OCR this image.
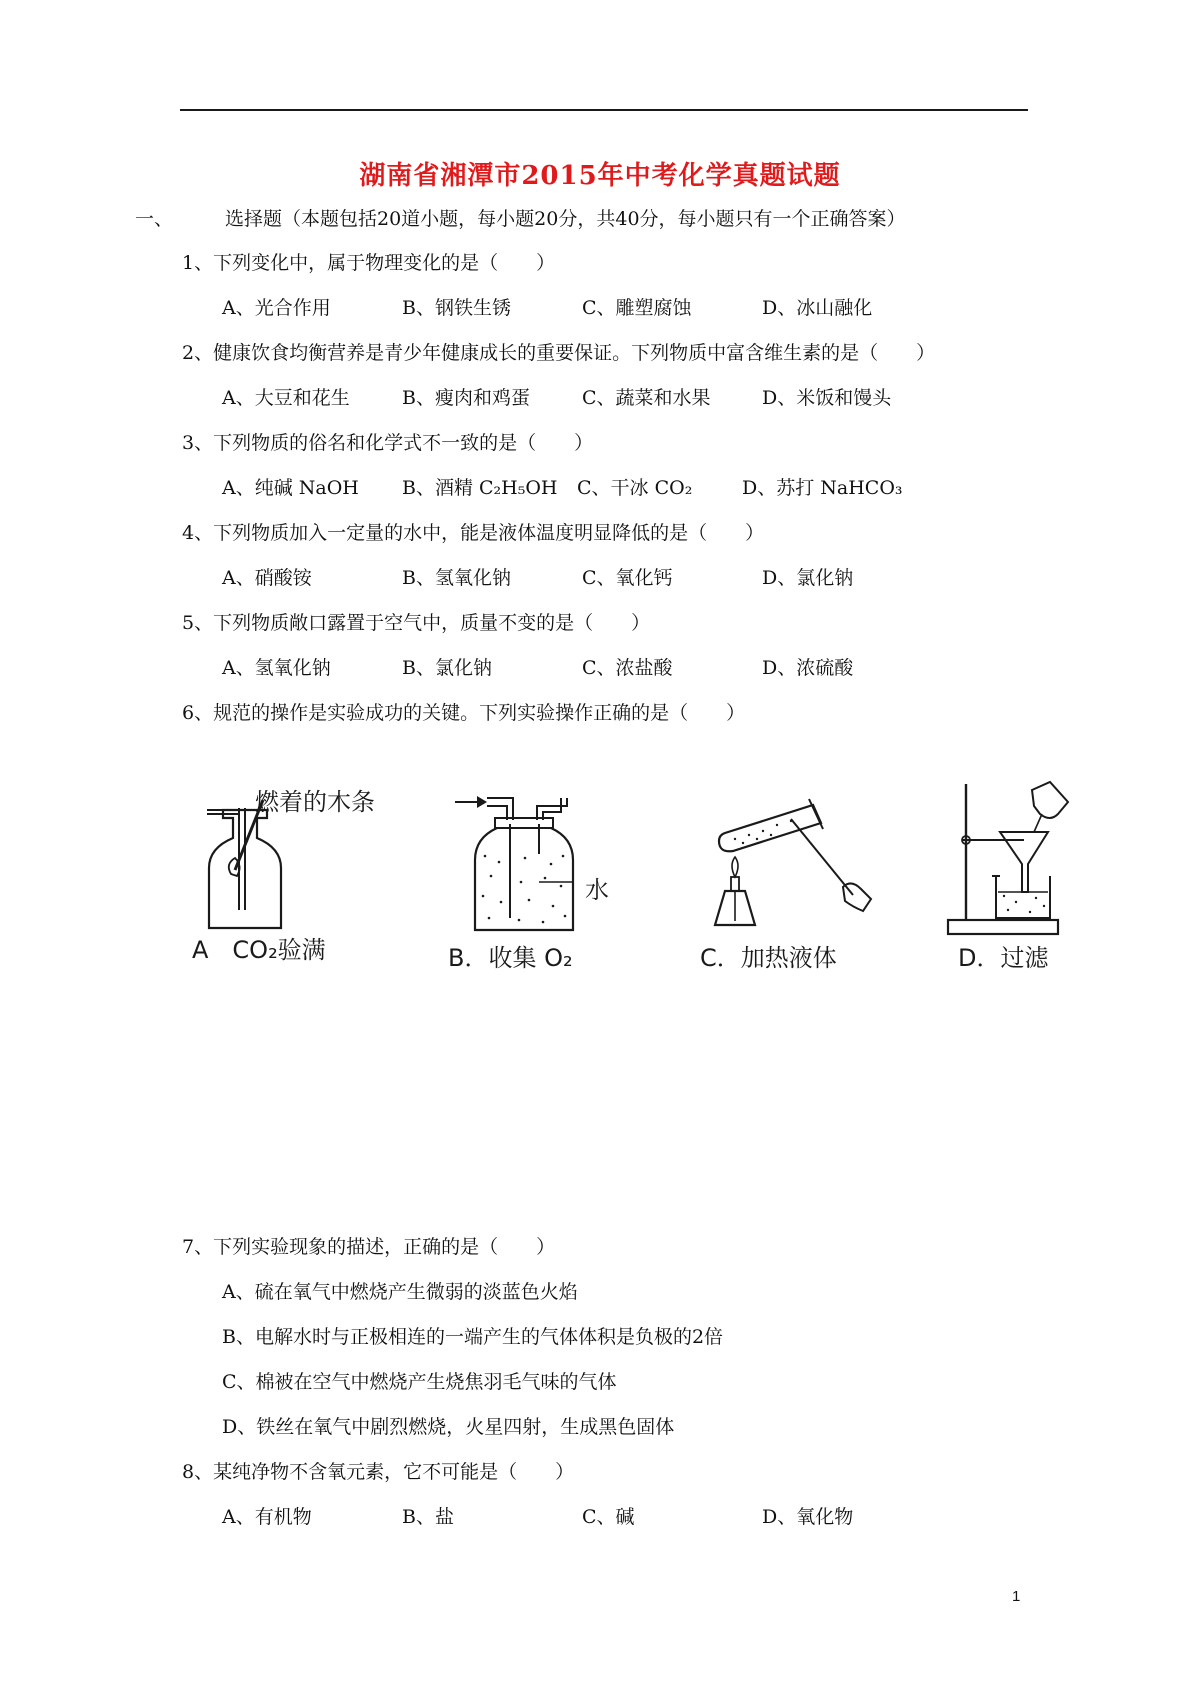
湖南省湘潭市2015年中考化学真题试题
一、	选择题（本题包括20道小题，每小题20分，共40分，每小题只有一个正确答案）
1、下列变化中，属于物理变化的是（　　）
A、光合作用	B、钢铁生锈	C、雕塑腐蚀	D、冰山融化
2、健康饮食均衡营养是青少年健康成长的重要保证。下列物质中富含维生素的是（　　）
A、大豆和花生	B、瘦肉和鸡蛋	C、蔬菜和水果	D、米饭和馒头
3、下列物质的俗名和化学式不一致的是（　　）
A、纯碱 NaOH B、酒精 C₂H₅OH C、干冰 CO₂	D、苏打 NaHCO₃
4、下列物质加入一定量的水中，能是液体温度明显降低的是（　　）
A、硝酸铵	B、氢氧化钠	C、氧化钙	D、氯化钠
5、下列物质敞口露置于空气中，质量不变的是（　　）
A、氢氧化钠	B、氯化钠	C、浓盐酸	D、浓硫酸
6、规范的操作是实验成功的关键。下列实验操作正确的是（　　）
燃着的木条
A　CO₂验满
水
B．收集 O₂	C．加热液体	D．过滤
7、下列实验现象的描述，正确的是（　　）
A、硫在氧气中燃烧产生微弱的淡蓝色火焰
B、电解水时与正极相连的一端产生的气体体积是负极的2倍
C、棉被在空气中燃烧产生烧焦羽毛气味的气体
D、铁丝在氧气中剧烈燃烧，火星四射，生成黑色固体
8、某纯净物不含氧元素，它不可能是（　　）
A、有机物	B、盐	C、碱	D、氧化物
1
